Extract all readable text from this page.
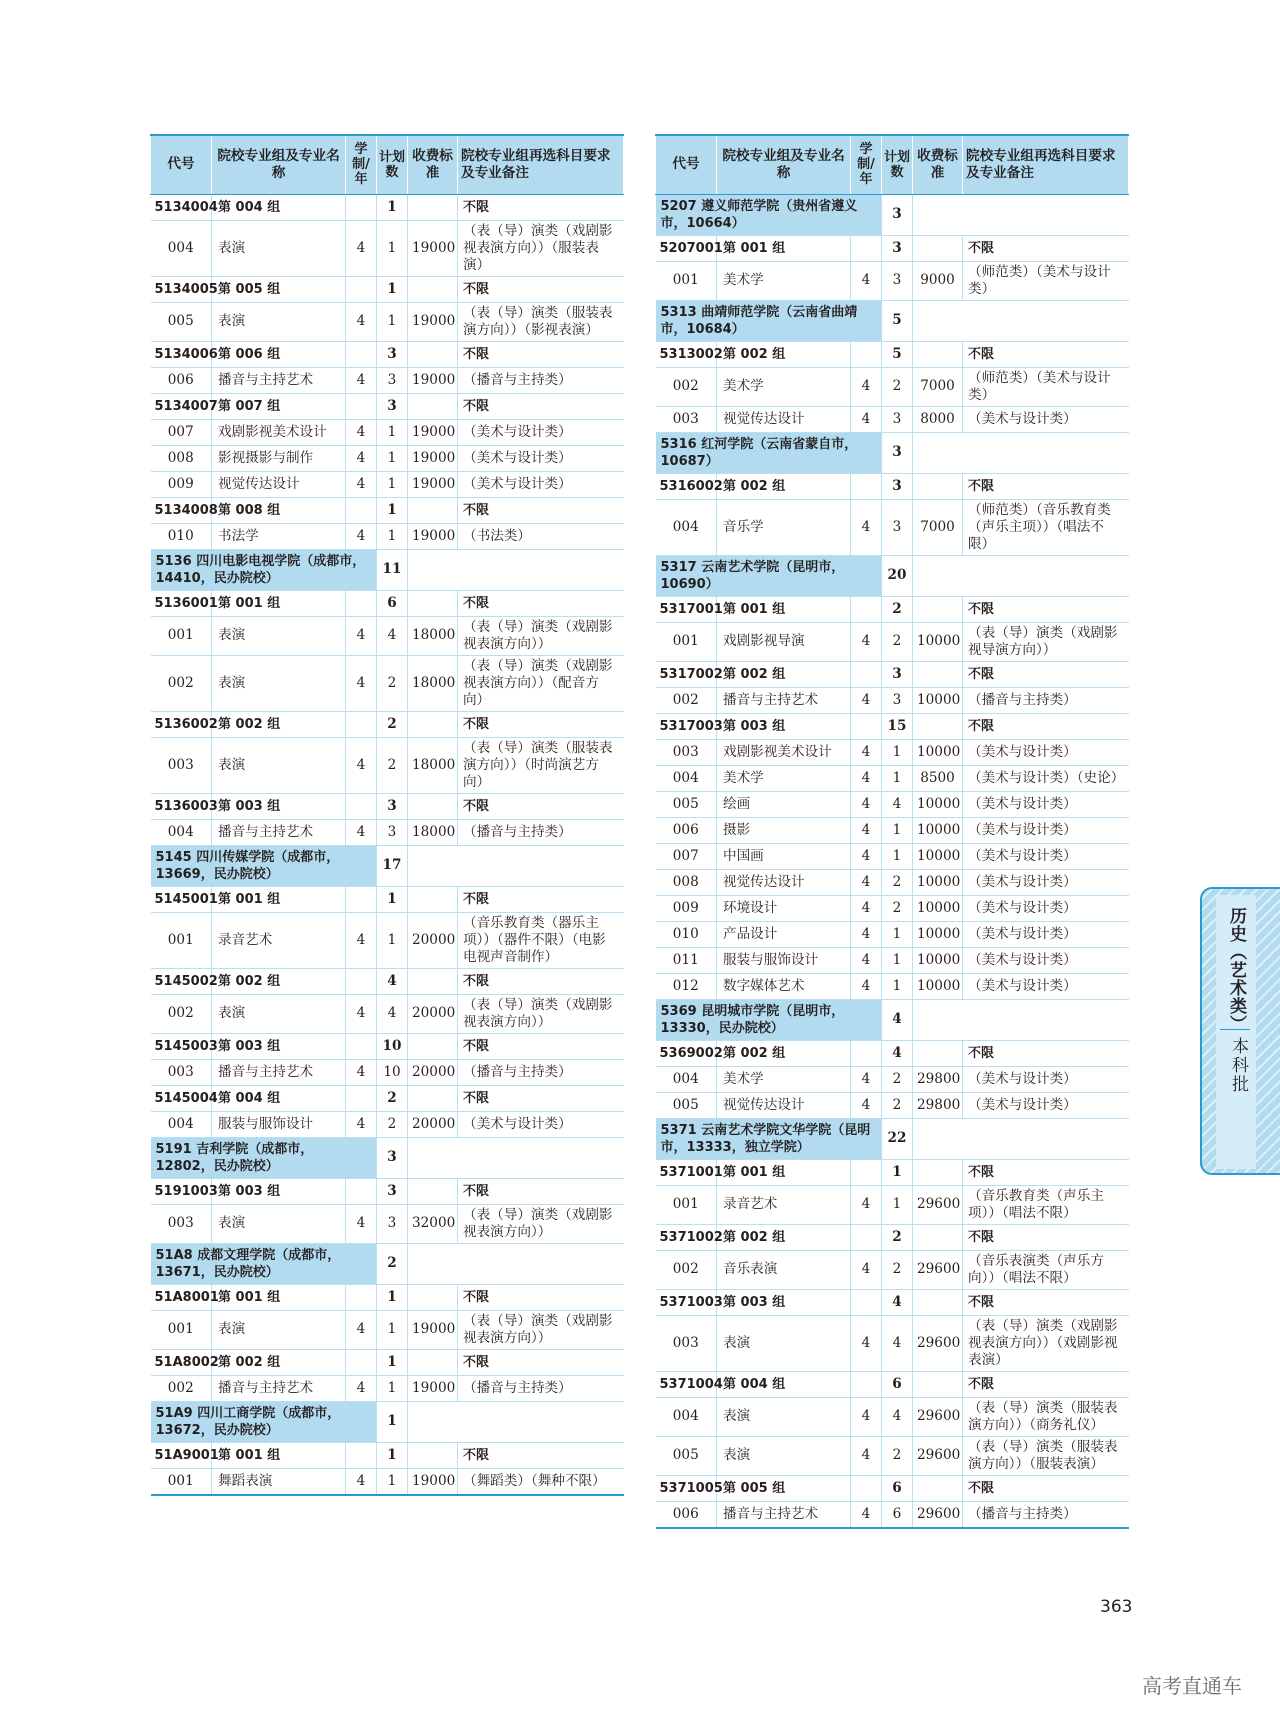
代号	院校专业组及专业名称	学制/年	计划数	收费标准	院校专业组再选科目要求及专业备注
5134004	第 004 组		1		不限
004	表演	4	1	19000	（表（导）演类（戏剧影视表演方向））（服装表演）
5134005	第 005 组		1		不限
005	表演	4	1	19000	（表（导）演类（服装表演方向））（影视表演）
5134006	第 006 组		3		不限
006	播音与主持艺术	4	3	19000	（播音与主持类）
5134007	第 007 组		3		不限
007	戏剧影视美术设计	4	1	19000	（美术与设计类）
008	影视摄影与制作	4	1	19000	（美术与设计类）
009	视觉传达设计	4	1	19000	（美术与设计类）
5134008	第 008 组		1		不限
010	书法学	4	1	19000	（书法类）
5136 四川电影电视学院（成都市，14410，民办院校）			11		
5136001	第 001 组		6		不限
001	表演	4	4	18000	（表（导）演类（戏剧影视表演方向））
002	表演	4	2	18000	（表（导）演类（戏剧影视表演方向））（配音方向）
5136002	第 002 组		2		不限
003	表演	4	2	18000	（表（导）演类（服装表演方向））（时尚演艺方向）
5136003	第 003 组		3		不限
004	播音与主持艺术	4	3	18000	（播音与主持类）
5145 四川传媒学院（成都市，13669，民办院校）			17		
5145001	第 001 组		1		不限
001	录音艺术	4	1	20000	（音乐教育类（器乐主项））（器件不限）（电影电视声音制作）
5145002	第 002 组		4		不限
002	表演	4	4	20000	（表（导）演类（戏剧影视表演方向））
5145003	第 003 组		10		不限
003	播音与主持艺术	4	10	20000	（播音与主持类）
5145004	第 004 组		2		不限
004	服装与服饰设计	4	2	20000	（美术与设计类）
5191 吉利学院（成都市，12802，民办院校）			3		
5191003	第 003 组		3		不限
003	表演	4	3	32000	（表（导）演类（戏剧影视表演方向））
51A8 成都文理学院（成都市，13671，民办院校）			2		
51A8001	第 001 组		1		不限
001	表演	4	1	19000	（表（导）演类（戏剧影视表演方向））
51A8002	第 002 组		1		不限
002	播音与主持艺术	4	1	19000	（播音与主持类）
51A9 四川工商学院（成都市，13672，民办院校）			1		
51A9001	第 001 组		1		不限
001	舞蹈表演	4	1	19000	（舞蹈类）（舞种不限）
代号	院校专业组及专业名称	学制/年	计划数	收费标准	院校专业组再选科目要求及专业备注
5207 遵义师范学院（贵州省遵义市，10664）			3		
5207001	第 001 组		3		不限
001	美术学	4	3	9000	（师范类）（美术与设计类）
5313 曲靖师范学院（云南省曲靖市，10684）			5		
5313002	第 002 组		5		不限
002	美术学	4	2	7000	（师范类）（美术与设计类）
003	视觉传达设计	4	3	8000	（美术与设计类）
5316 红河学院（云南省蒙自市，10687）			3		
5316002	第 002 组		3		不限
004	音乐学	4	3	7000	（师范类）（音乐教育类（声乐主项））（唱法不限）
5317 云南艺术学院（昆明市，10690）			20		
5317001	第 001 组		2		不限
001	戏剧影视导演	4	2	10000	（表（导）演类（戏剧影视导演方向））
5317002	第 002 组		3		不限
002	播音与主持艺术	4	3	10000	（播音与主持类）
5317003	第 003 组		15		不限
003	戏剧影视美术设计	4	1	10000	（美术与设计类）
004	美术学	4	1	8500	（美术与设计类）（史论）
005	绘画	4	4	10000	（美术与设计类）
006	摄影	4	1	10000	（美术与设计类）
007	中国画	4	1	10000	（美术与设计类）
008	视觉传达设计	4	2	10000	（美术与设计类）
009	环境设计	4	2	10000	（美术与设计类）
010	产品设计	4	1	10000	（美术与设计类）
011	服装与服饰设计	4	1	10000	（美术与设计类）
012	数字媒体艺术	4	1	10000	（美术与设计类）
5369 昆明城市学院（昆明市，13330，民办院校）			4		
5369002	第 002 组		4		不限
004	美术学	4	2	29800	（美术与设计类）
005	视觉传达设计	4	2	29800	（美术与设计类）
5371 云南艺术学院文华学院（昆明市，13333，独立学院）			22		
5371001	第 001 组		1		不限
001	录音艺术	4	1	29600	（音乐教育类（声乐主项））（唱法不限）
5371002	第 002 组		2		不限
002	音乐表演	4	2	29600	（音乐表演类（声乐方向））（唱法不限）
5371003	第 003 组		4		不限
003	表演	4	4	29600	（表（导）演类（戏剧影视表演方向））（戏剧影视表演）
5371004	第 004 组		6		不限
004	表演	4	4	29600	（表（导）演类（服装表演方向））（商务礼仪）
005	表演	4	2	29600	（表（导）演类（服装表演方向））（服装表演）
5371005	第 005 组		6		不限
006	播音与主持艺术	4	6	29600	（播音与主持类）
历史（艺术类）
本科批
363
高考直通车
